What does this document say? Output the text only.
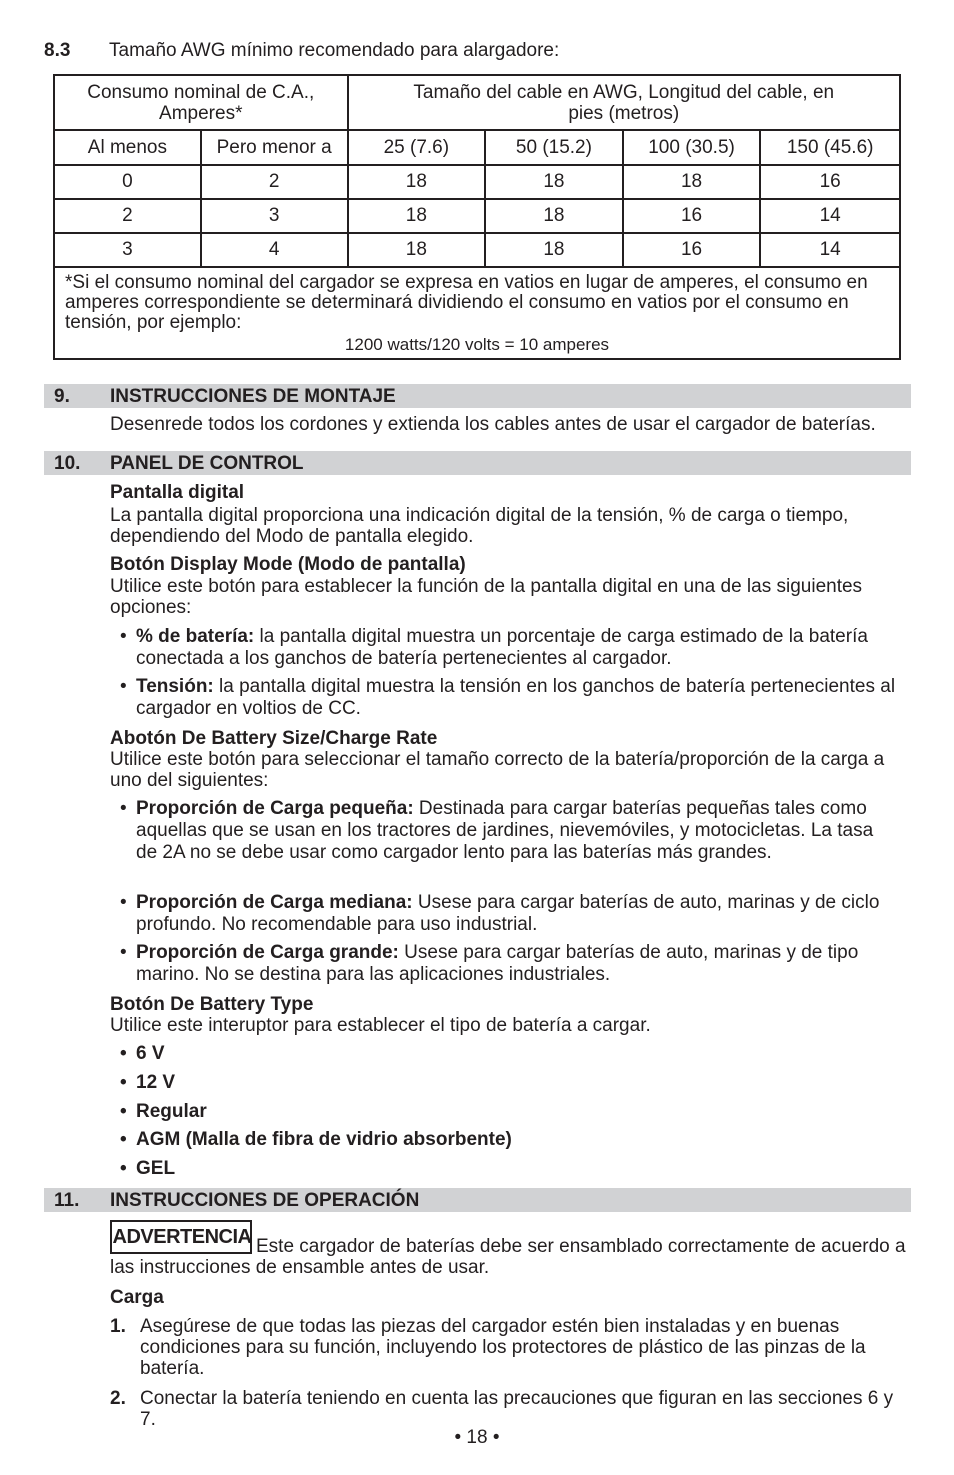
8.3 Tamaño AWG mínimo recomendado para alargadore:
Consumo nominal de C.A., Amperes*		Tamaño del cable en AWG, Longitud del cable, en pies (metros)			
Al menos	Pero menor a	25 (7.6)	50 (15.2)	100 (30.5)	150 (45.6)
0	2	18	18	18	16
2	3	18	18	16	14
3	4	18	18	16	14
*Si el consumo nominal del cargador se expresa en vatios en lugar de amperes, el consumo en amperes correspondiente se determinará dividiendo el consumo en vatios por el consumo en tensión, por ejemplo:
1200 watts/120 volts = 10 amperes					
9. INSTRUCCIONES DE MONTAJE
Desenrede todos los cordones y extienda los cables antes de usar el cargador de baterías.
10. PANEL DE CONTROL
Pantalla digital
La pantalla digital proporciona una indicación digital de la tensión, % de carga o tiempo, dependiendo del Modo de pantalla elegido.
Botón Display Mode (Modo de pantalla)
Utilice este botón para establecer la función de la pantalla digital en una de las siguientes opciones:
• % de batería: la pantalla digital muestra un porcentaje de carga estimado de la batería conectada a los ganchos de batería pertenecientes al cargador.
• Tensión: la pantalla digital muestra la tensión en los ganchos de batería pertenecientes al cargador en voltios de CC.
Abotón De Battery Size/Charge Rate
Utilice este botón para seleccionar el tamaño correcto de la batería/proporción de la carga a uno del siguientes:
• Proporción de Carga pequeña: Destinada para cargar baterías pequeñas tales como aquellas que se usan en los tractores de jardines, nievemóviles, y motocicletas. La tasa de 2A no se debe usar como cargador lento para las baterías más grandes.
• Proporción de Carga mediana: Usese para cargar baterías de auto, marinas y de ciclo profundo. No recomendable para uso industrial.
• Proporción de Carga grande: Usese para cargar baterías de auto, marinas y de tipo marino. No se destina para las aplicaciones industriales.
Botón De Battery Type
Utilice este interuptor para establecer el tipo de batería a cargar.
• 6 V
• 12 V
• Regular
• AGM (Malla de fibra de vidrio absorbente)
• GEL
11. INSTRUCCIONES DE OPERACIÓN
ADVERTENCIA Este cargador de baterías debe ser ensamblado correctamente de acuerdo a las instrucciones de ensamble antes de usar.
Carga
1. Asegúrese de que todas las piezas del cargador estén bien instaladas y en buenas condiciones para su función, incluyendo los protectores de plástico de las pinzas de la batería.
2. Conectar la batería teniendo en cuenta las precauciones que figuran en las secciones 6 y 7.
• 18 •
